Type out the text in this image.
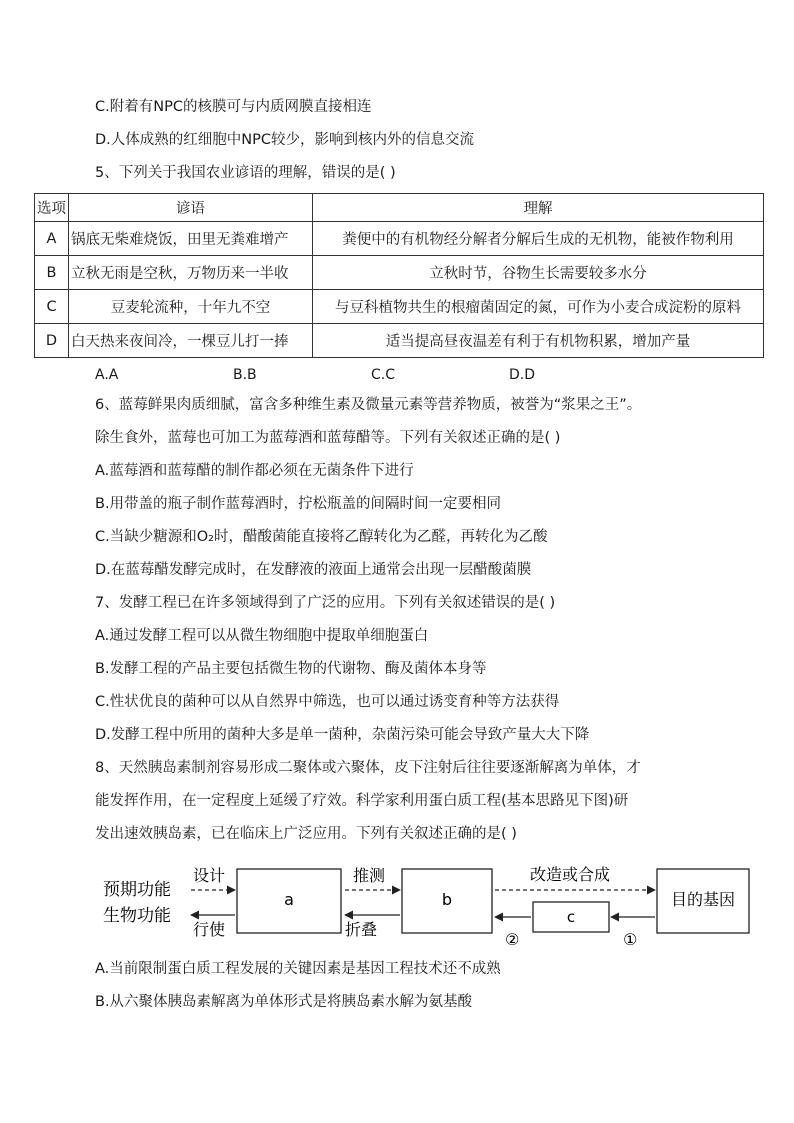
C.附着有NPC的核膜可与内质网膜直接相连
D.人体成熟的红细胞中NPC较少，影响到核内外的信息交流
5、下列关于我国农业谚语的理解，错误的是( )
选项	谚语	理解
A	锅底无柴难烧饭，田里无粪难增产	粪便中的有机物经分解者分解后生成的无机物，能被作物利用
B	立秋无雨是空秋，万物历来一半收	立秋时节，谷物生长需要较多水分
C	豆麦轮流种，十年九不空	与豆科植物共生的根瘤菌固定的氮，可作为小麦合成淀粉的原料
D	白天热来夜间冷，一棵豆儿打一捧	适当提高昼夜温差有利于有机物积累，增加产量
A.A	B.B	C.C	D.D
6、蓝莓鲜果肉质细腻，富含多种维生素及微量元素等营养物质，被誉为“浆果之王”。
除生食外，蓝莓也可加工为蓝莓酒和蓝莓醋等。下列有关叙述正确的是( )
A.蓝莓酒和蓝莓醋的制作都必须在无菌条件下进行
B.用带盖的瓶子制作蓝莓酒时，拧松瓶盖的间隔时间一定要相同
C.当缺少糖源和O₂时，醋酸菌能直接将乙醇转化为乙醛，再转化为乙酸
D.在蓝莓醋发酵完成时，在发酵液的液面上通常会出现一层醋酸菌膜
7、发酵工程已在许多领域得到了广泛的应用。下列有关叙述错误的是( )
A.通过发酵工程可以从微生物细胞中提取单细胞蛋白
B.发酵工程的产品主要包括微生物的代谢物、酶及菌体本身等
C.性状优良的菌种可以从自然界中筛选，也可以通过诱变育种等方法获得
D.发酵工程中所用的菌种大多是单一菌种，杂菌污染可能会导致产量大大下降
8、天然胰岛素制剂容易形成二聚体或六聚体，皮下注射后往往要逐渐解离为单体，才
能发挥作用，在一定程度上延缓了疗效。科学家利用蛋白质工程(基本思路见下图)研
发出速效胰岛素，已在临床上广泛应用。下列有关叙述正确的是( )
预期功能
生物功能
设计
行使
a
推测
折叠
b
改造或合成
目的基因
c
①
②
A.当前限制蛋白质工程发展的关键因素是基因工程技术还不成熟
B.从六聚体胰岛素解离为单体形式是将胰岛素水解为氨基酸
